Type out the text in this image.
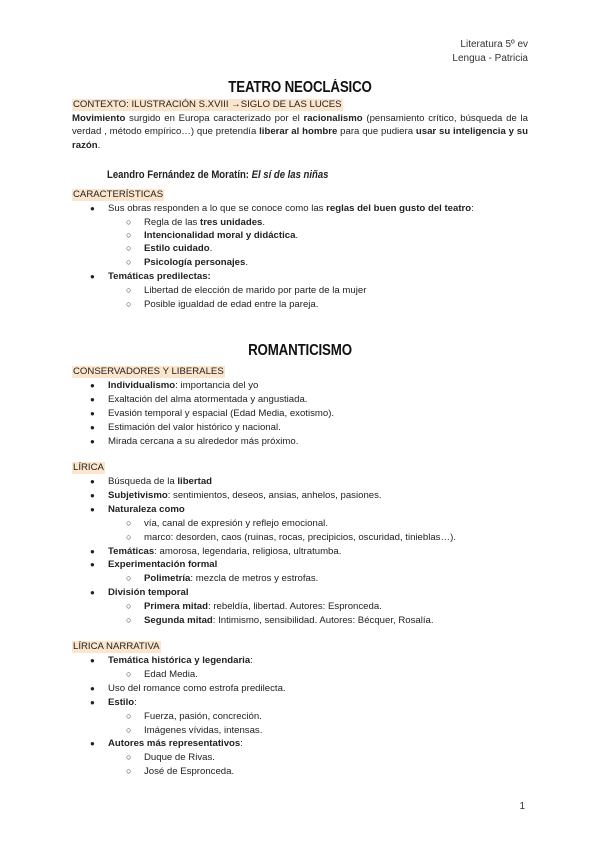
Literatura 5º ev
Lengua - Patricia
TEATRO NEOCLÁSICO
CONTEXTO: ILUSTRACIÓN S.XVIII →SIGLO DE LAS LUCES
Movimiento surgido en Europa caracterizado por el racionalismo (pensamiento crítico, búsqueda de la verdad , método empírico…) que pretendía liberar al hombre para que pudiera usar su inteligencia y su razón.
Leandro Fernández de Moratín: El sí de las niñas
CARACTERÍSTICAS
● Sus obras responden a lo que se conoce como las reglas del buen gusto del teatro:
○ Regla de las tres unidades.
○ Intencionalidad moral y didáctica.
○ Estilo cuidado.
○ Psicología personajes.
● Temáticas predilectas:
○ Libertad de elección de marido por parte de la mujer
○ Posible igualdad de edad entre la pareja.
ROMANTICISMO
CONSERVADORES Y LIBERALES
● Individualismo: importancia del yo
● Exaltación del alma atormentada y angustiada.
● Evasión temporal y espacial (Edad Media, exotismo).
● Estimación del valor histórico y nacional.
● Mirada cercana a su alrededor más próximo.
LÍRICA
● Búsqueda de la libertad
● Subjetivismo: sentimientos, deseos, ansias, anhelos, pasiones.
● Naturaleza como
○ vía, canal de expresión y reflejo emocional.
○ marco: desorden, caos (ruinas, rocas, precipicios, oscuridad, tinieblas…).
● Temáticas: amorosa, legendaria, religiosa, ultratumba.
● Experimentación formal
○ Polimetría: mezcla de metros y estrofas.
● División temporal
○ Primera mitad: rebeldía, libertad. Autores: Espronceda.
○ Segunda mitad: Intimismo, sensibilidad. Autores: Bécquer, Rosalía.
LÍRICA NARRATIVA
● Temática histórica y legendaria:
○ Edad Media.
● Uso del romance como estrofa predilecta.
● Estilo:
○ Fuerza, pasión, concreción.
○ Imágenes vívidas, intensas.
● Autores más representativos:
○ Duque de Rivas.
○ José de Espronceda.
1
